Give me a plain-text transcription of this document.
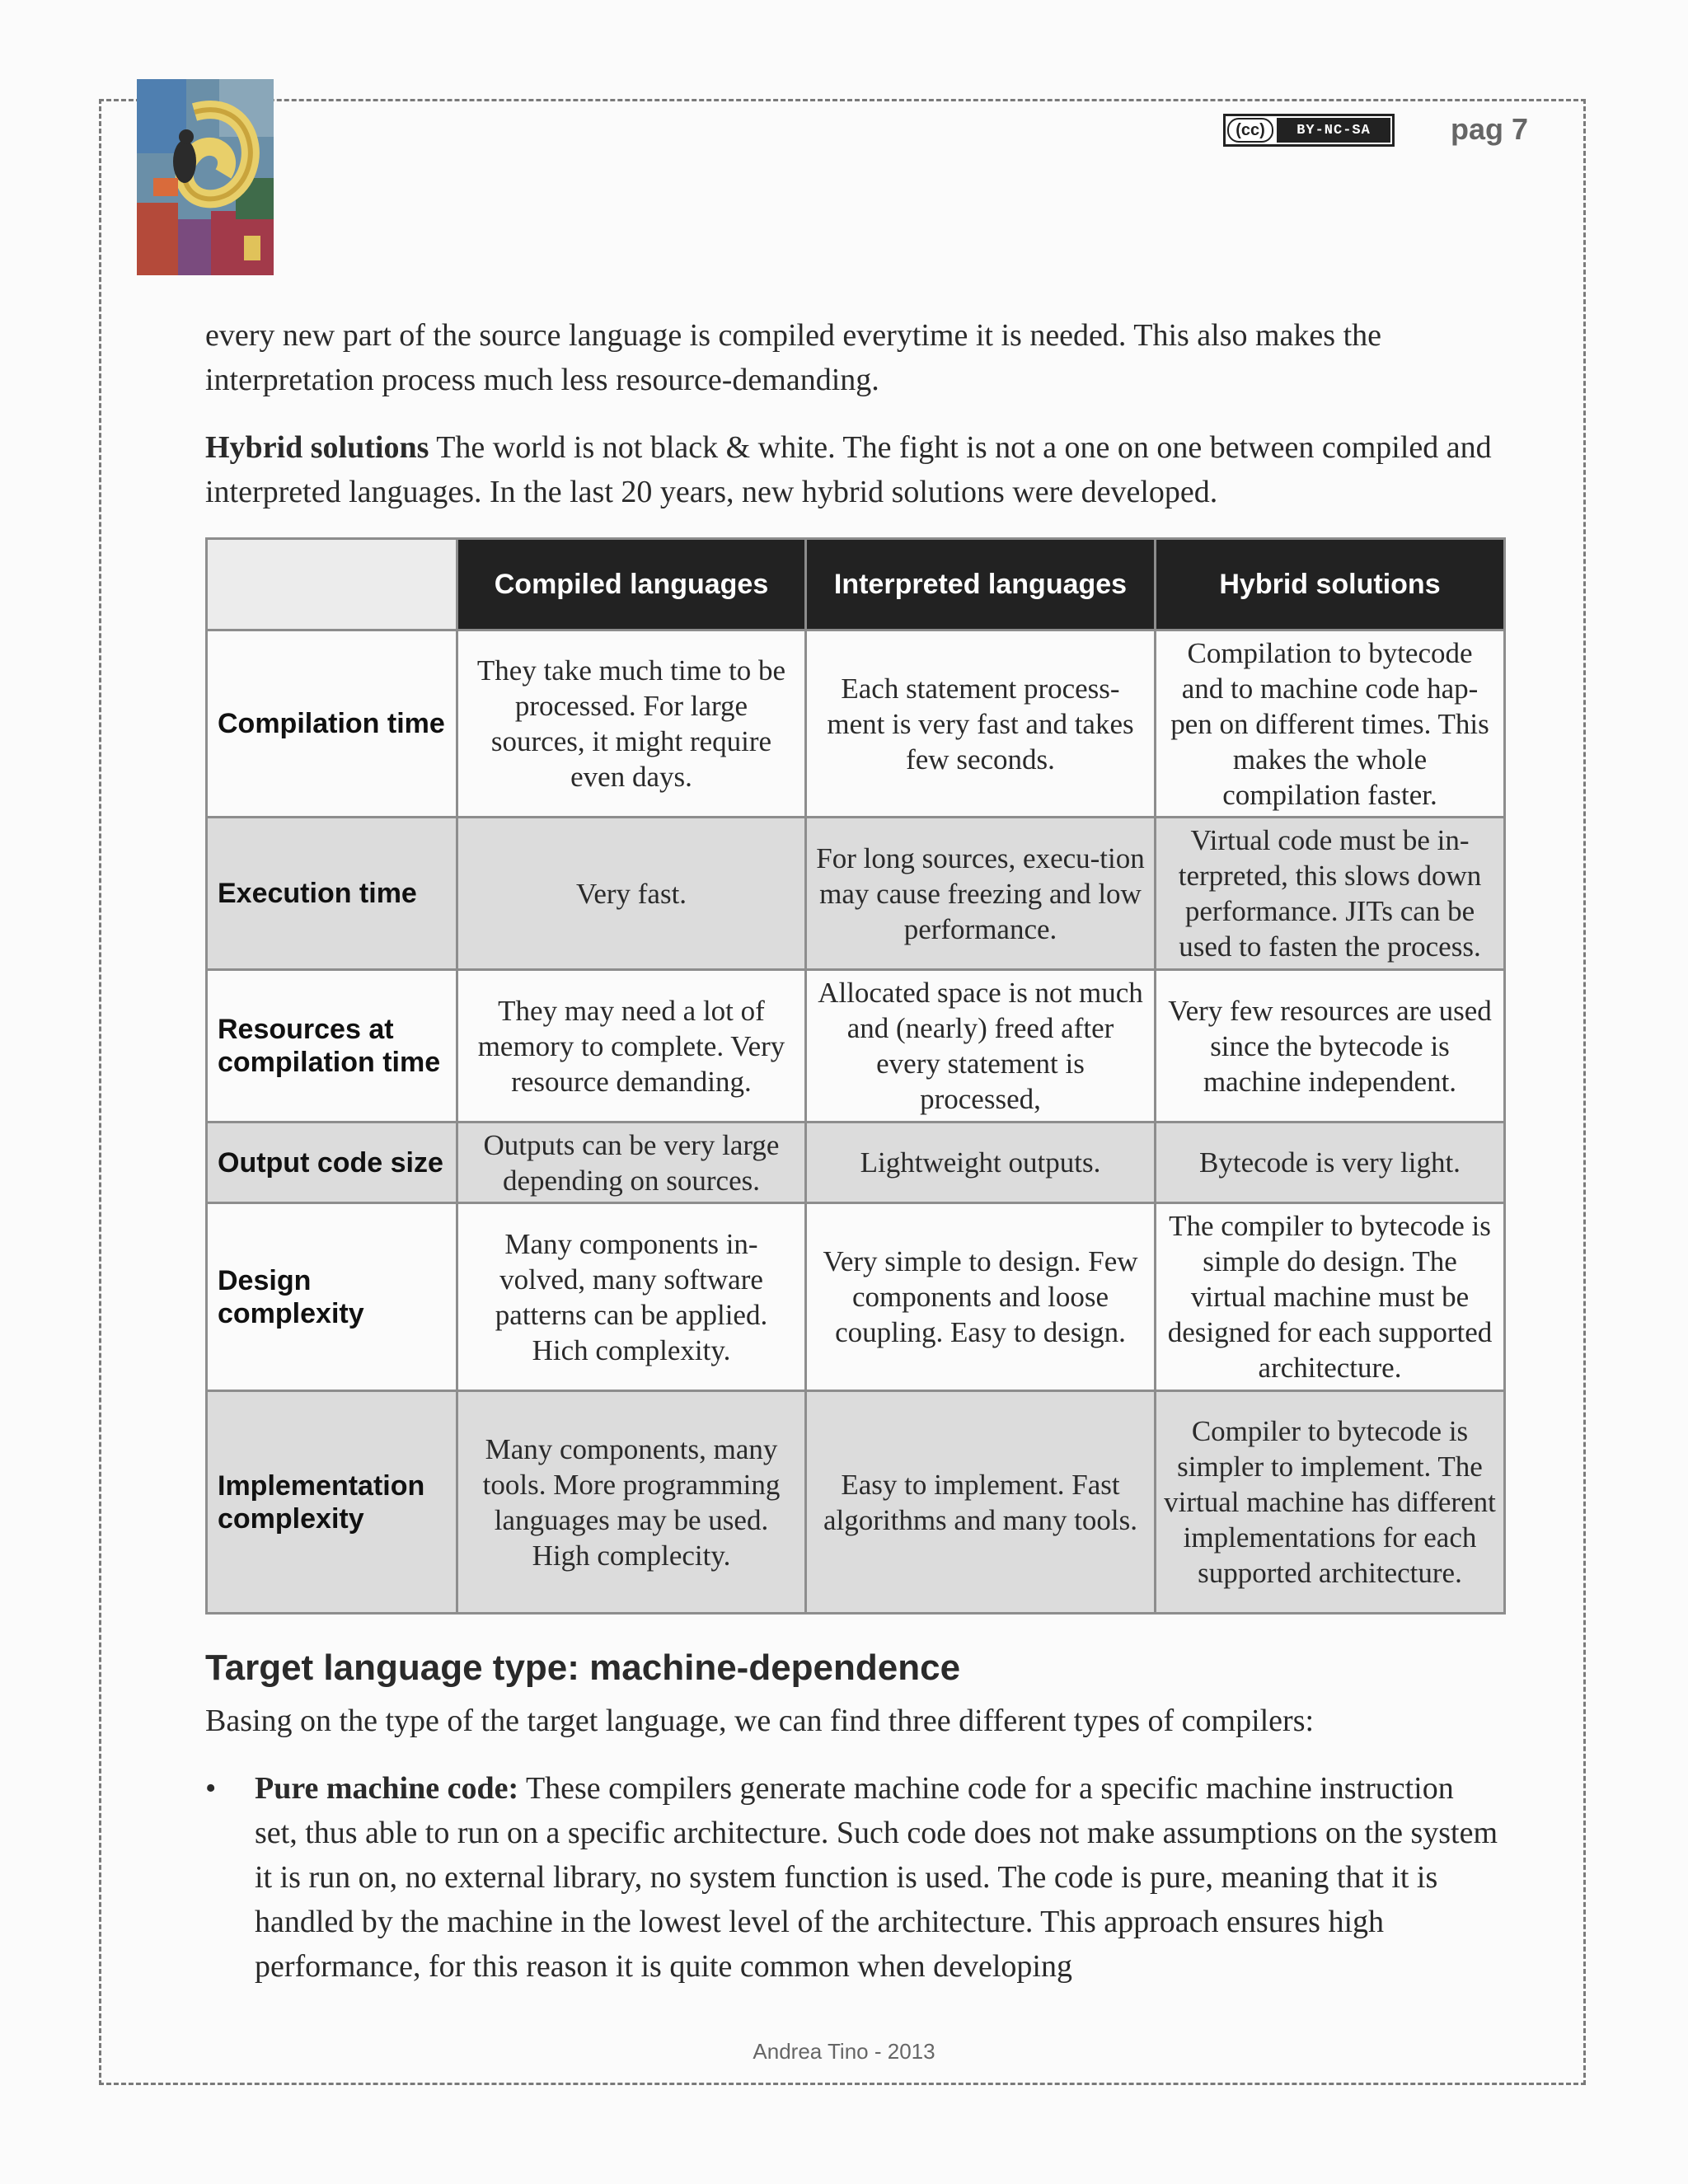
(cc)	BY-NC-SA	pag 7

every new part of the source language is compiled everytime it is needed. This also makes the interpretation process much less resource-demanding.

Hybrid solutions The world is not black & white. The fight is not a one on one between compiled and interpreted languages. In the last 20 years, new hybrid solutions were developed.

	Compiled languages	Interpreted languages	Hybrid solutions
Compilation time	They take much time to be processed. For large sources, it might require even days.	Each statement process-ment is very fast and takes few seconds.	Compilation to bytecode and to machine code hap-pen on different times. This makes the whole compilation faster.
Execution time	Very fast.	For long sources, execu-tion may cause freezing and low performance.	Virtual code must be in-terpreted, this slows down performance. JITs can be used to fasten the process.
Resources at compilation time	They may need a lot of memory to complete. Very resource demanding.	Allocated space is not much and (nearly) freed after every statement is processed,	Very few resources are used since the bytecode is machine independent.
Output code size	Outputs can be very large depending on sources.	Lightweight outputs.	Bytecode is very light.
Design complexity	Many components in-volved, many software patterns can be applied. Hich complexity.	Very simple to design. Few components and loose coupling. Easy to design.	The compiler to bytecode is simple do design. The virtual machine must be designed for each supported architecture.
Implementation complexity	Many components, many tools. More programming languages may be used. High complecity.	Easy to implement. Fast algorithms and many tools.	Compiler to bytecode is simpler to implement. The virtual machine has different implementations for each supported architecture.
Target language type: machine-dependence

Basing on the type of the target language, we can find three different types of compilers:

• Pure machine code: These compilers generate machine code for a specific machine instruction set, thus able to run on a specific architecture. Such code does not make assumptions on the system it is run on, no external library, no system function is used. The code is pure, meaning that it is handled by the machine in the lowest level of the architecture. This approach ensures high performance, for this reason it is quite common when developing
Andrea Tino - 2013
